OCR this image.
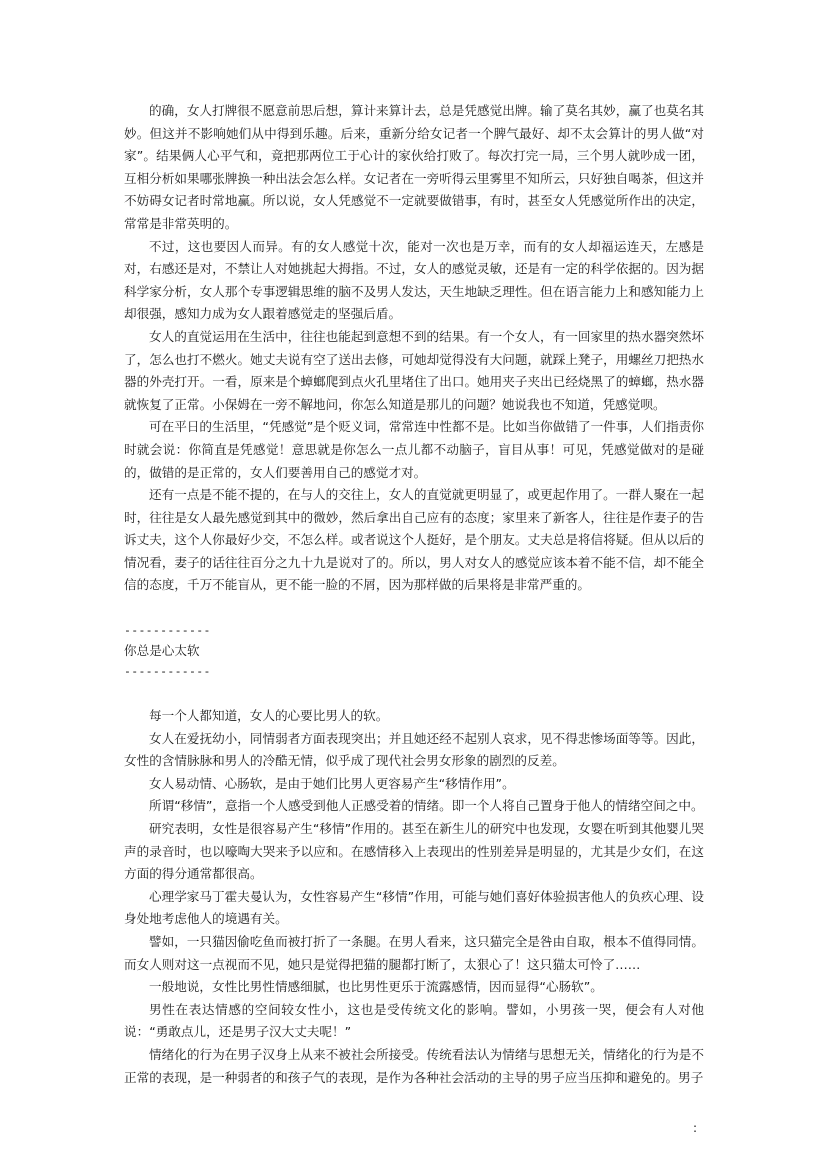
的确，女人打牌很不愿意前思后想，算计来算计去，总是凭感觉出牌。输了莫名其妙，赢了也莫名其妙。但这并不影响她们从中得到乐趣。后来，重新分给女记者一个脾气最好、却不太会算计的男人做“对家”。结果俩人心平气和，竟把那两位工于心计的家伙给打败了。每次打完一局，三个男人就吵成一团，互相分析如果哪张牌换一种出法会怎么样。女记者在一旁听得云里雾里不知所云，只好独自喝茶，但这并不妨碍女记者时常地赢。所以说，女人凭感觉不一定就要做错事，有时，甚至女人凭感觉所作出的决定，常常是非常英明的。

不过，这也要因人而异。有的女人感觉十次，能对一次也是万幸，而有的女人却福运连天，左感是对，右感还是对，不禁让人对她挑起大拇指。不过，女人的感觉灵敏，还是有一定的科学依据的。因为据科学家分析，女人那个专事逻辑思维的脑不及男人发达，天生地缺乏理性。但在语言能力上和感知能力上却很强，感知力成为女人跟着感觉走的坚强后盾。

女人的直觉运用在生活中，往往也能起到意想不到的结果。有一个女人，有一回家里的热水器突然坏了，怎么也打不燃火。她丈夫说有空了送出去修，可她却觉得没有大问题，就踩上凳子，用螺丝刀把热水器的外壳打开。一看，原来是个蟑螂爬到点火孔里堵住了出口。她用夹子夹出已经烧黑了的蟑螂，热水器就恢复了正常。小保姆在一旁不解地问，你怎么知道是那儿的问题？她说我也不知道，凭感觉呗。

可在平日的生活里，“凭感觉”是个贬义词，常常连中性都不是。比如当你做错了一件事，人们指责你时就会说：你简直是凭感觉！意思就是你怎么一点儿都不动脑子，盲目从事！可见，凭感觉做对的是碰的，做错的是正常的，女人们要善用自己的感觉才对。

还有一点是不能不提的，在与人的交往上，女人的直觉就更明显了，或更起作用了。一群人聚在一起时，往往是女人最先感觉到其中的微妙，然后拿出自己应有的态度；家里来了新客人，往往是作妻子的告诉丈夫，这个人你最好少交，不怎么样。或者说这个人挺好，是个朋友。丈夫总是将信将疑。但从以后的情况看，妻子的话往往百分之九十九是说对了的。所以，男人对女人的感觉应该本着不能不信，却不能全信的态度，千万不能盲从，更不能一脸的不屑，因为那样做的后果将是非常严重的。

------------

你总是心太软

------------

每一个人都知道，女人的心要比男人的软。

女人在爱抚幼小，同情弱者方面表现突出；并且她还经不起别人哀求，见不得悲惨场面等等。因此，女性的含情脉脉和男人的冷酷无情，似乎成了现代社会男女形象的剧烈的反差。

女人易动情、心肠软，是由于她们比男人更容易产生“移情作用”。

所谓“移情”，意指一个人感受到他人正感受着的情绪。即一个人将自己置身于他人的情绪空间之中。

研究表明，女性是很容易产生“移情”作用的。甚至在新生儿的研究中也发现，女婴在听到其他婴儿哭声的录音时，也以嚎啕大哭来予以应和。在感情移入上表现出的性别差异是明显的，尤其是少女们，在这方面的得分通常都很高。

心理学家马丁霍夫曼认为，女性容易产生“移情”作用，可能与她们喜好体验损害他人的负疚心理、设身处地考虑他人的境遇有关。

譬如，一只猫因偷吃鱼而被打折了一条腿。在男人看来，这只猫完全是咎由自取，根本不值得同情。而女人则对这一点视而不见，她只是觉得把猫的腿都打断了，太狠心了！这只猫太可怜了……

一般地说，女性比男性情感细腻，也比男性更乐于流露感情，因而显得“心肠软”。

男性在表达情感的空间较女性小，这也是受传统文化的影响。譬如，小男孩一哭，便会有人对他说：“勇敢点儿，还是男子汉大丈夫呢！”

情绪化的行为在男子汉身上从来不被社会所接受。传统看法认为情绪与思想无关，情绪化的行为是不正常的表现，是一种弱者的和孩子气的表现，是作为各种社会活动的主导的男子应当压抑和避免的。男子

:
